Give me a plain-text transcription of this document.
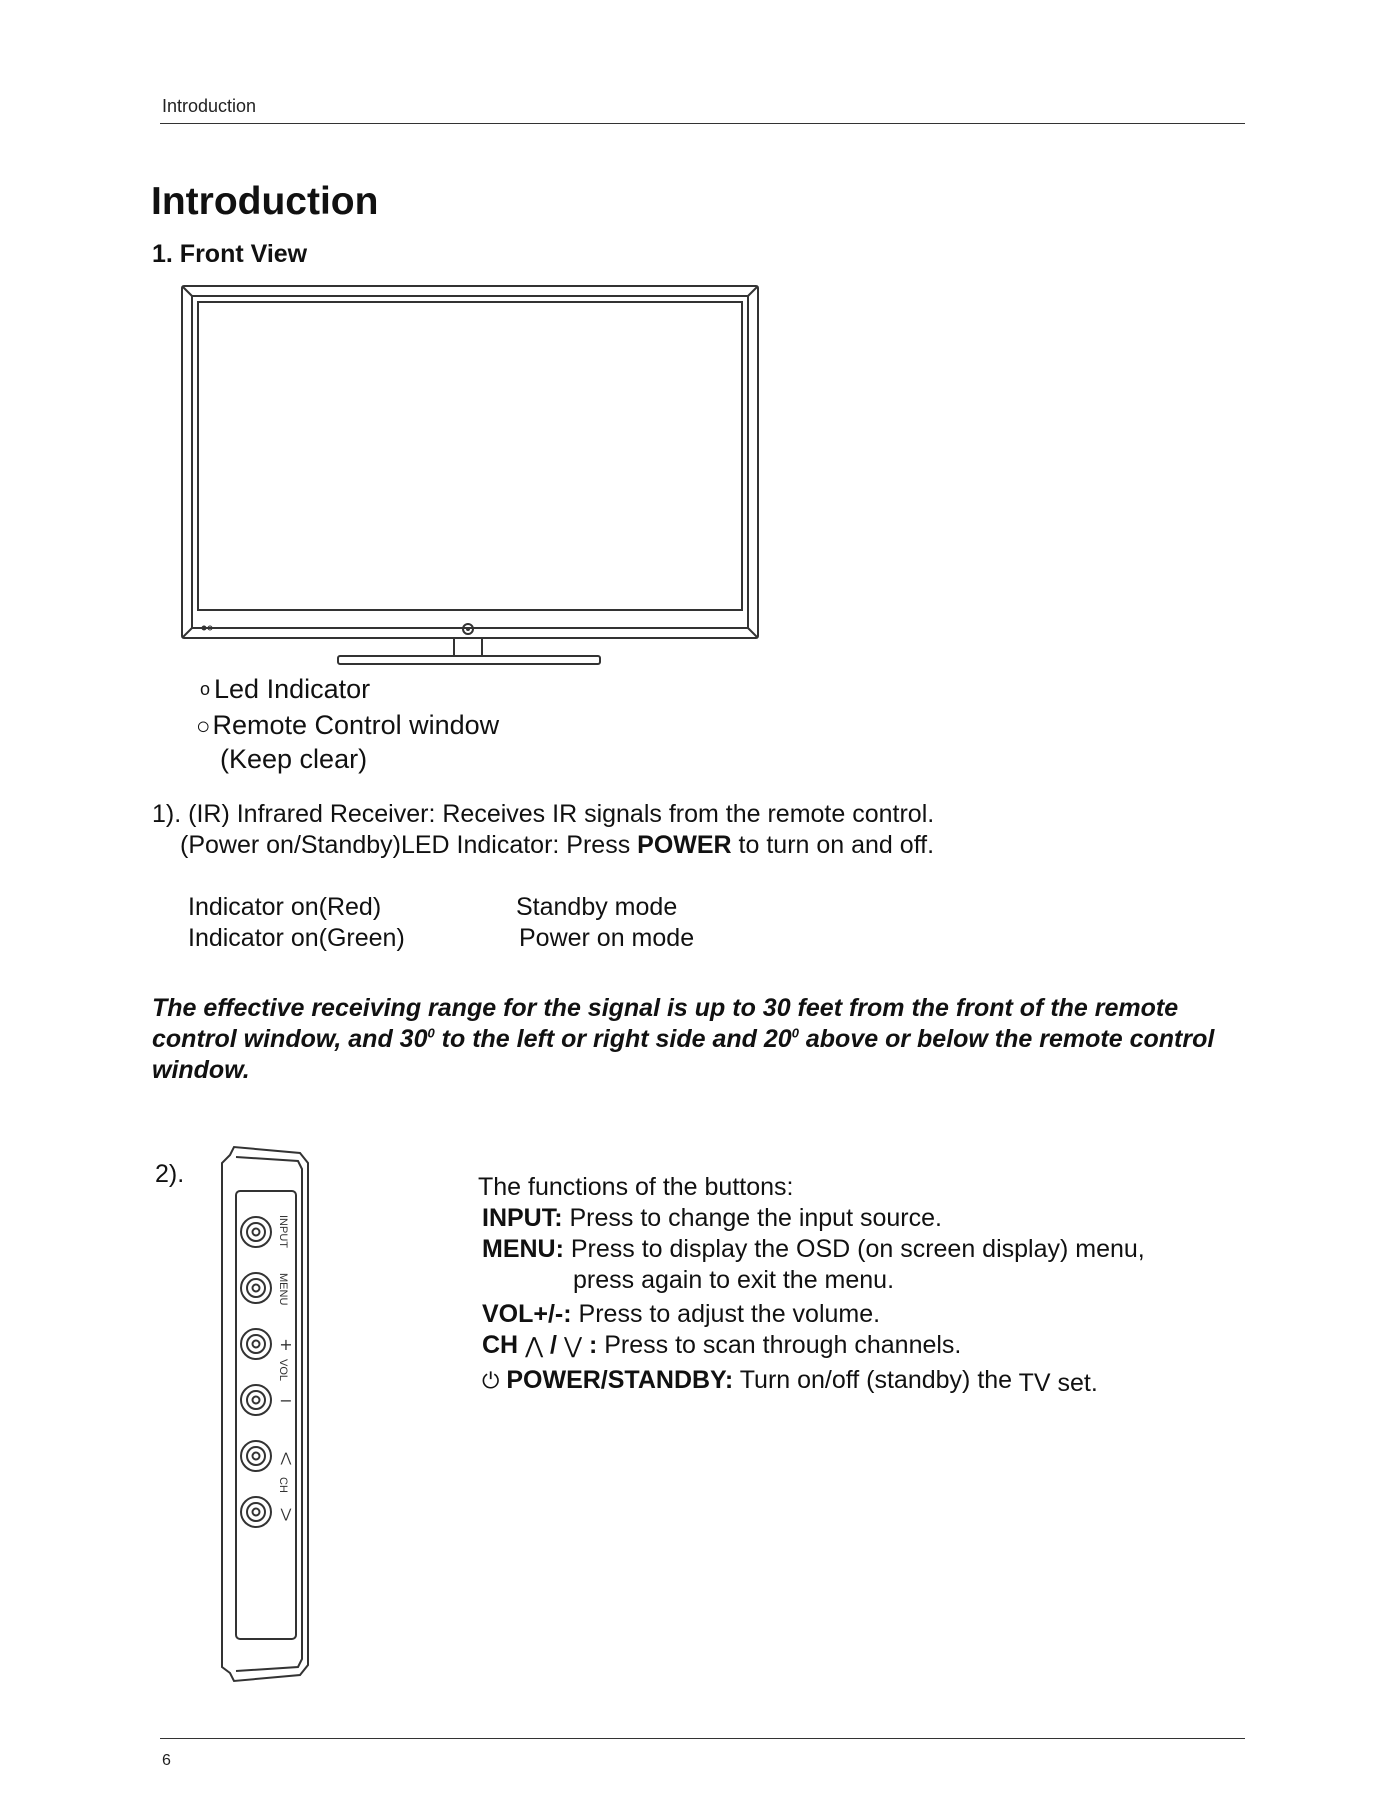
Introduction
Introduction
1. Front View
o Led Indicator
○Remote Control window
(Keep clear)
1). (IR) Infrared Receiver: Receives IR signals from the remote control.
(Power on/Standby)LED Indicator: Press POWER to turn on and off.
Indicator on(Red)	Standby mode
Indicator on(Green)	Power on mode
The effective receiving range for the signal is up to 30 feet from the front of the remote
control window, and $30^0$ to the left or right side and $20^0$ above or below the remote control
window.
2).
INPUT
MENU
VOL
CH
+
−
⋀
⋁
The functions of the buttons:
INPUT: Press to change the input source.
MENU: Press to display the OSD (on screen display) menu,
press again to exit the menu.
VOL+/-: Press to adjust the volume.
CH ⋀ / ⋁ : Press to scan through channels.
⏻ POWER/STANDBY: Turn on/off (standby) the TV set.
6
